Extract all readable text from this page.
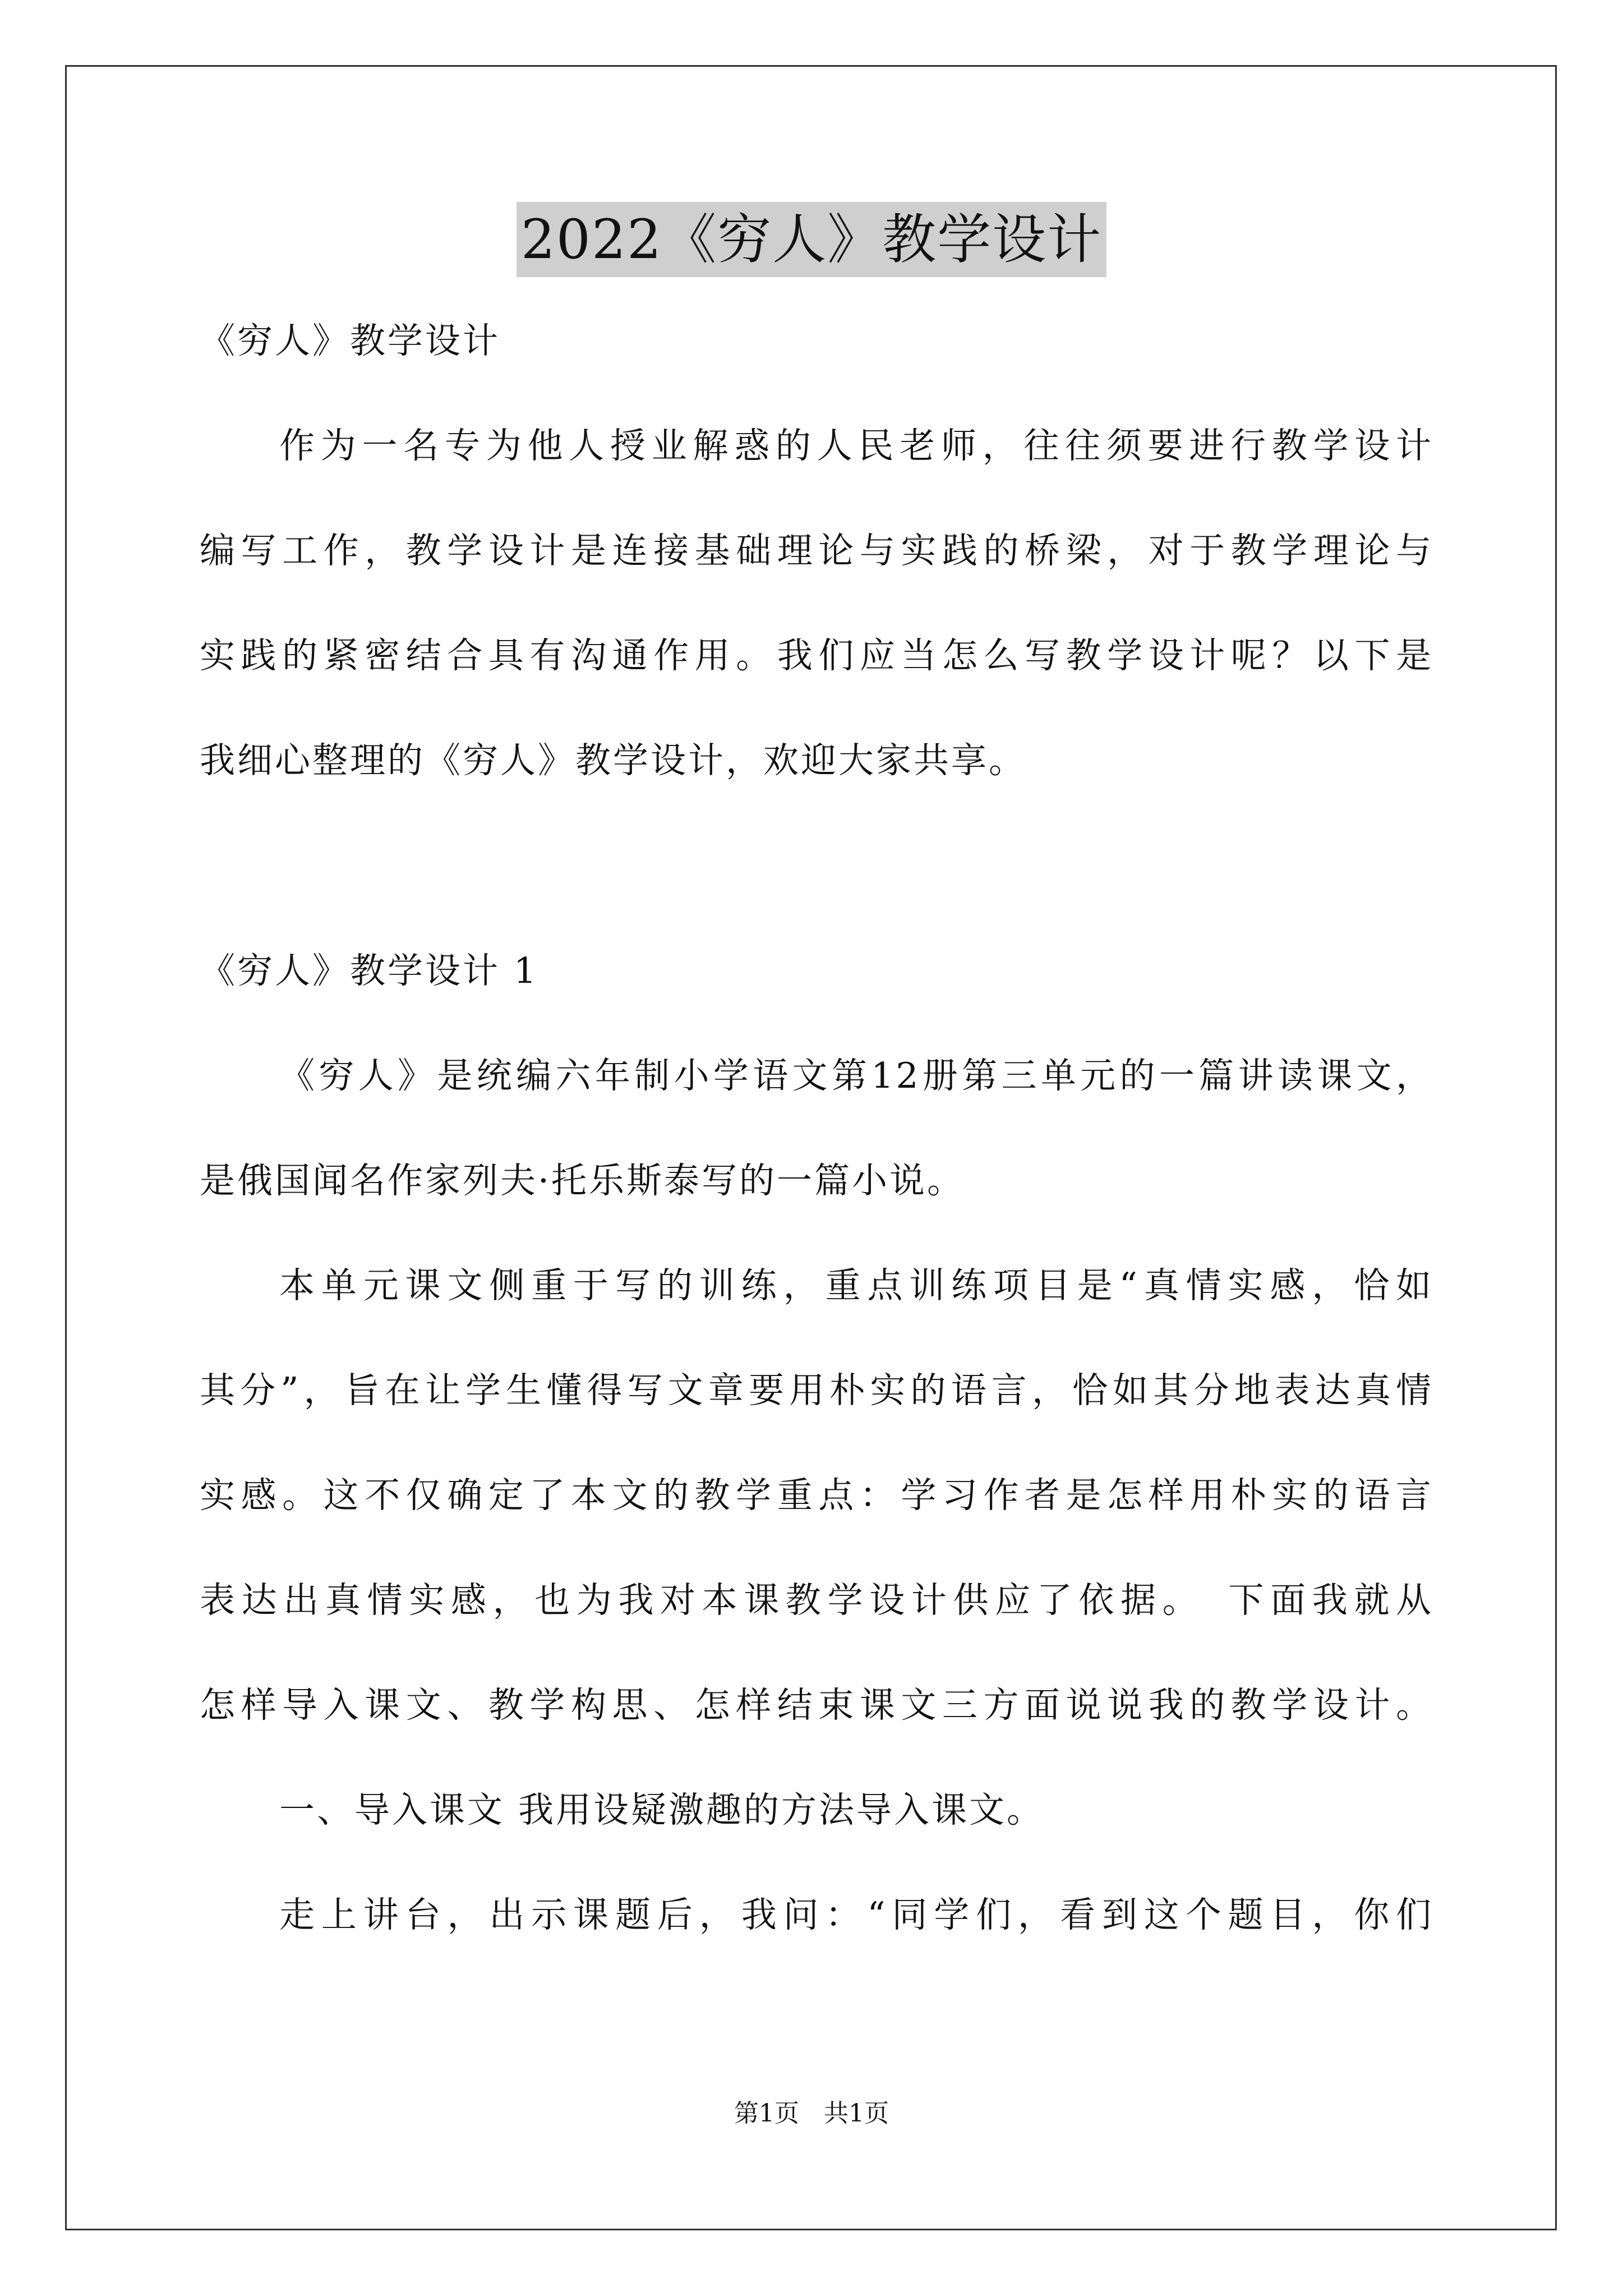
2022《穷人》教学设计

《穷人》教学设计

作为一名专为他人授业解惑的人民老师，往往须要进行教学设计

编写工作，教学设计是连接基础理论与实践的桥梁，对于教学理论与

实践的紧密结合具有沟通作用。我们应当怎么写教学设计呢？以下是

我细心整理的《穷人》教学设计，欢迎大家共享。

《穷人》教学设计 1

《穷人》是统编六年制小学语文第12册第三单元的一篇讲读课文，

是俄国闻名作家列夫·托乐斯泰写的一篇小说。

本单元课文侧重于写的训练，重点训练项目是“真情实感，恰如

其分”，旨在让学生懂得写文章要用朴实的语言，恰如其分地表达真情

实感。这不仅确定了本文的教学重点：学习作者是怎样用朴实的语言

表达出真情实感，也为我对本课教学设计供应了依据。　下面我就从

怎样导入课文、教学构思、怎样结束课文三方面说说我的教学设计。

一、导入课文 我用设疑激趣的方法导入课文。

走上讲台，出示课题后，我问：“同学们，看到这个题目，你们

第1页　共1页
